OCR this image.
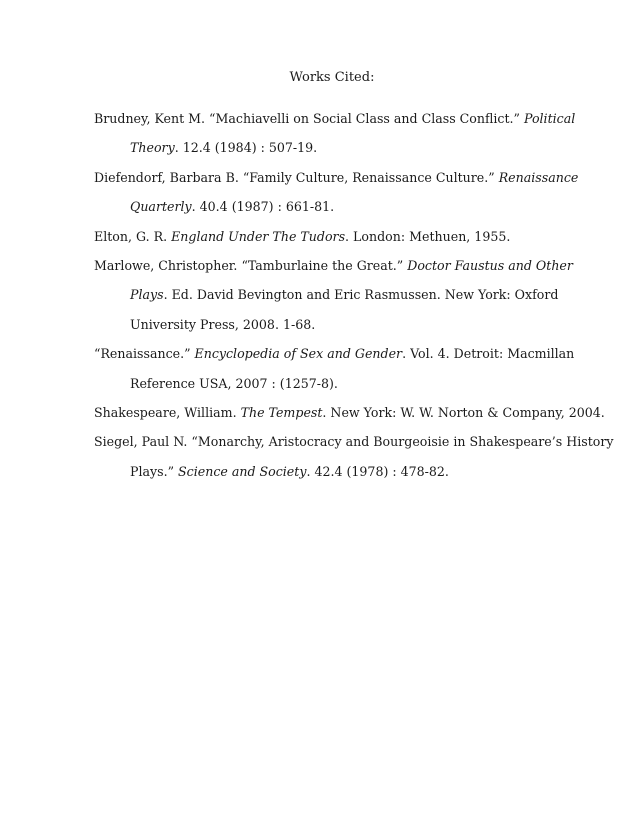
Works Cited:
Brudney, Kent M. “Machiavelli on Social Class and Class Conflict.” Political
Theory. 12.4 (1984) : 507-19.
Diefendorf, Barbara B. “Family Culture, Renaissance Culture.” Renaissance
Quarterly. 40.4 (1987) : 661-81.
Elton, G. R. England Under The Tudors. London: Methuen, 1955.
Marlowe, Christopher. “Tamburlaine the Great.” Doctor Faustus and Other
Plays. Ed. David Bevington and Eric Rasmussen. New York: Oxford
University Press, 2008. 1-68.
“Renaissance.” Encyclopedia of Sex and Gender. Vol. 4. Detroit: Macmillan
Reference USA, 2007 : (1257-8).
Shakespeare, William. The Tempest. New York: W. W. Norton & Company, 2004.
Siegel, Paul N. “Monarchy, Aristocracy and Bourgeoisie in Shakespeare’s History
Plays.” Science and Society. 42.4 (1978) : 478-82.
